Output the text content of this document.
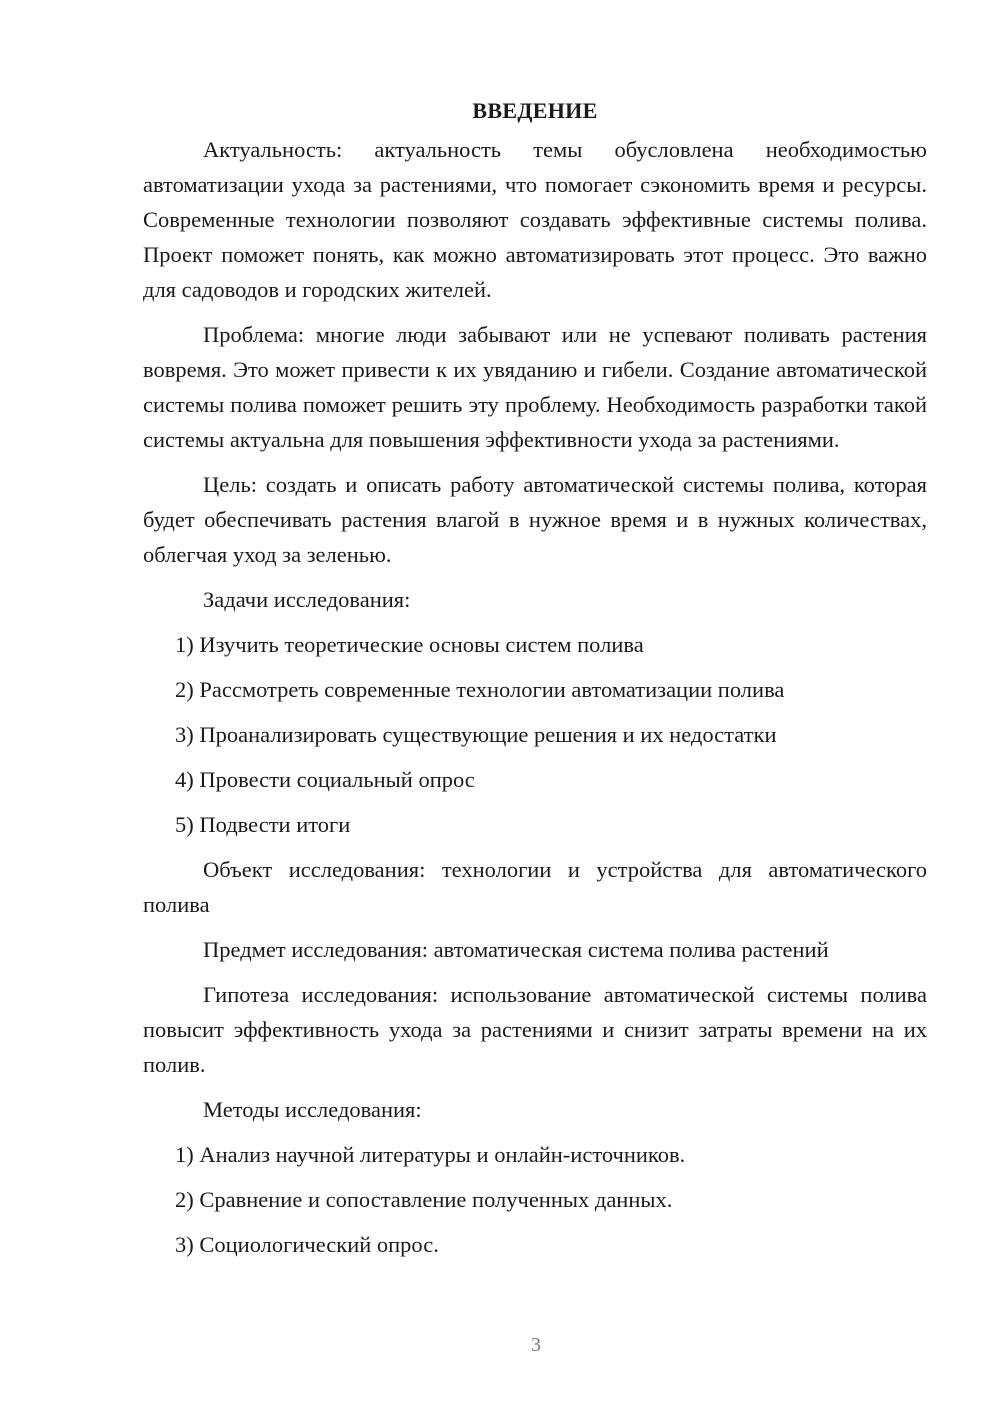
ВВЕДЕНИЕ

Актуальность: актуальность темы обусловлена необходимостью автоматизации ухода за растениями, что помогает сэкономить время и ресурсы. Современные технологии позволяют создавать эффективные системы полива. Проект поможет понять, как можно автоматизировать этот процесс. Это важно для садоводов и городских жителей.

Проблема: многие люди забывают или не успевают поливать растения вовремя. Это может привести к их увяданию и гибели. Создание автоматической системы полива поможет решить эту проблему. Необходимость разработки такой системы актуальна для повышения эффективности ухода за растениями.

Цель: создать и описать работу автоматической системы полива, которая будет обеспечивать растения влагой в нужное время и в нужных количествах, облегчая уход за зеленью.

Задачи исследования:

1) Изучить теоретические основы систем полива

2) Рассмотреть современные технологии автоматизации полива

3) Проанализировать существующие решения и их недостатки

4) Провести социальный опрос

5) Подвести итоги

Объект исследования: технологии и устройства для автоматического полива

Предмет исследования: автоматическая система полива растений

Гипотеза исследования: использование автоматической системы полива повысит эффективность ухода за растениями и снизит затраты времени на их полив.

Методы исследования:

1) Анализ научной литературы и онлайн-источников.

2) Сравнение и сопоставление полученных данных.

3) Социологический опрос.

3
